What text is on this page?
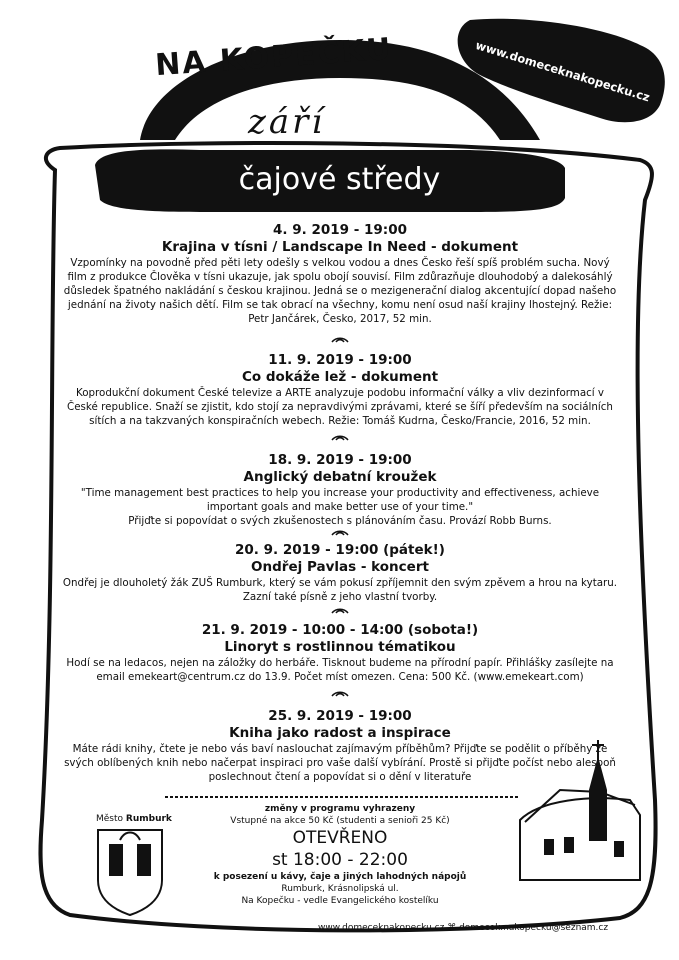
NA KOPEČKU
září
čajové středy
www.domeceknakopecku.cz
4. 9. 2019 - 19:00
Krajina v tísni / Landscape In Need - dokument
Vzpomínky na povodně před pěti lety odešly s velkou vodou a dnes Česko řeší spíš problém sucha. Nový film z produkce Člověka v tísni ukazuje, jak spolu obojí souvisí. Film zdůrazňuje dlouhodobý a dalekosáhlý důsledek špatného nakládání s českou krajinou. Jedná se o mezigenerační dialog akcentující dopad našeho jednání na životy našich dětí. Film se tak obrací na všechny, komu není osud naší krajiny lhostejný. Režie: Petr Jančárek, Česko, 2017, 52 min.
11. 9. 2019 - 19:00
Co dokáže lež - dokument
Koprodukční dokument České televize a ARTE analyzuje podobu informační války a vliv dezinformací v České republice. Snaží se zjistit, kdo stojí za nepravdivými zprávami, které se šíří především na sociálních sítích a na takzvaných konspiračních webech. Režie: Tomáš Kudrna, Česko/Francie, 2016, 52 min.
18. 9. 2019 - 19:00
Anglický debatní kroužek
"Time management best practices to help you increase your productivity and effectiveness, achieve important goals and make better use of your time."
Přijďte si popovídat o svých zkušenostech s plánováním času. Provází Robb Burns.
20. 9. 2019 - 19:00 (pátek!)
Ondřej Pavlas - koncert
Ondřej je dlouholetý žák ZUŠ Rumburk, který se vám pokusí zpříjemnit den svým zpěvem a hrou na kytaru. Zazní také písně z jeho vlastní tvorby.
21. 9. 2019 - 10:00 - 14:00 (sobota!)
Linoryt s rostlinnou tématikou
Hodí se na ledacos, nejen na záložky do herbáře. Tisknout budeme na přírodní papír. Přihlášky zasílejte na email emekeart@centrum.cz do 13.9. Počet míst omezen. Cena: 500 Kč. (www.emekeart.com)
25. 9. 2019 - 19:00
Kniha jako radost a inspirace
Máte rádi knihy, čtete je nebo vás baví naslouchat zajímavým příběhům? Přijďte se podělit o příběhy ze svých oblíbených knih nebo načerpat inspiraci pro vaše další vybírání. Prostě si přijďte počíst nebo alespoň poslechnout čtení a popovídat si o dění v literatuře
Město Rumburk
změny v programu vyhrazeny
Vstupné na akce 50 Kč (studenti a senioři 25 Kč)
OTEVŘENO
st 18:00 - 22:00
k posezení u kávy, čaje a jiných lahodných nápojů
Rumburk, Krásnolipská ul.
Na Kopečku - vedle Evangelického kostelíku
www.domeceknakopecku.cz ⌘ domecek.nakopecku@seznam.cz
